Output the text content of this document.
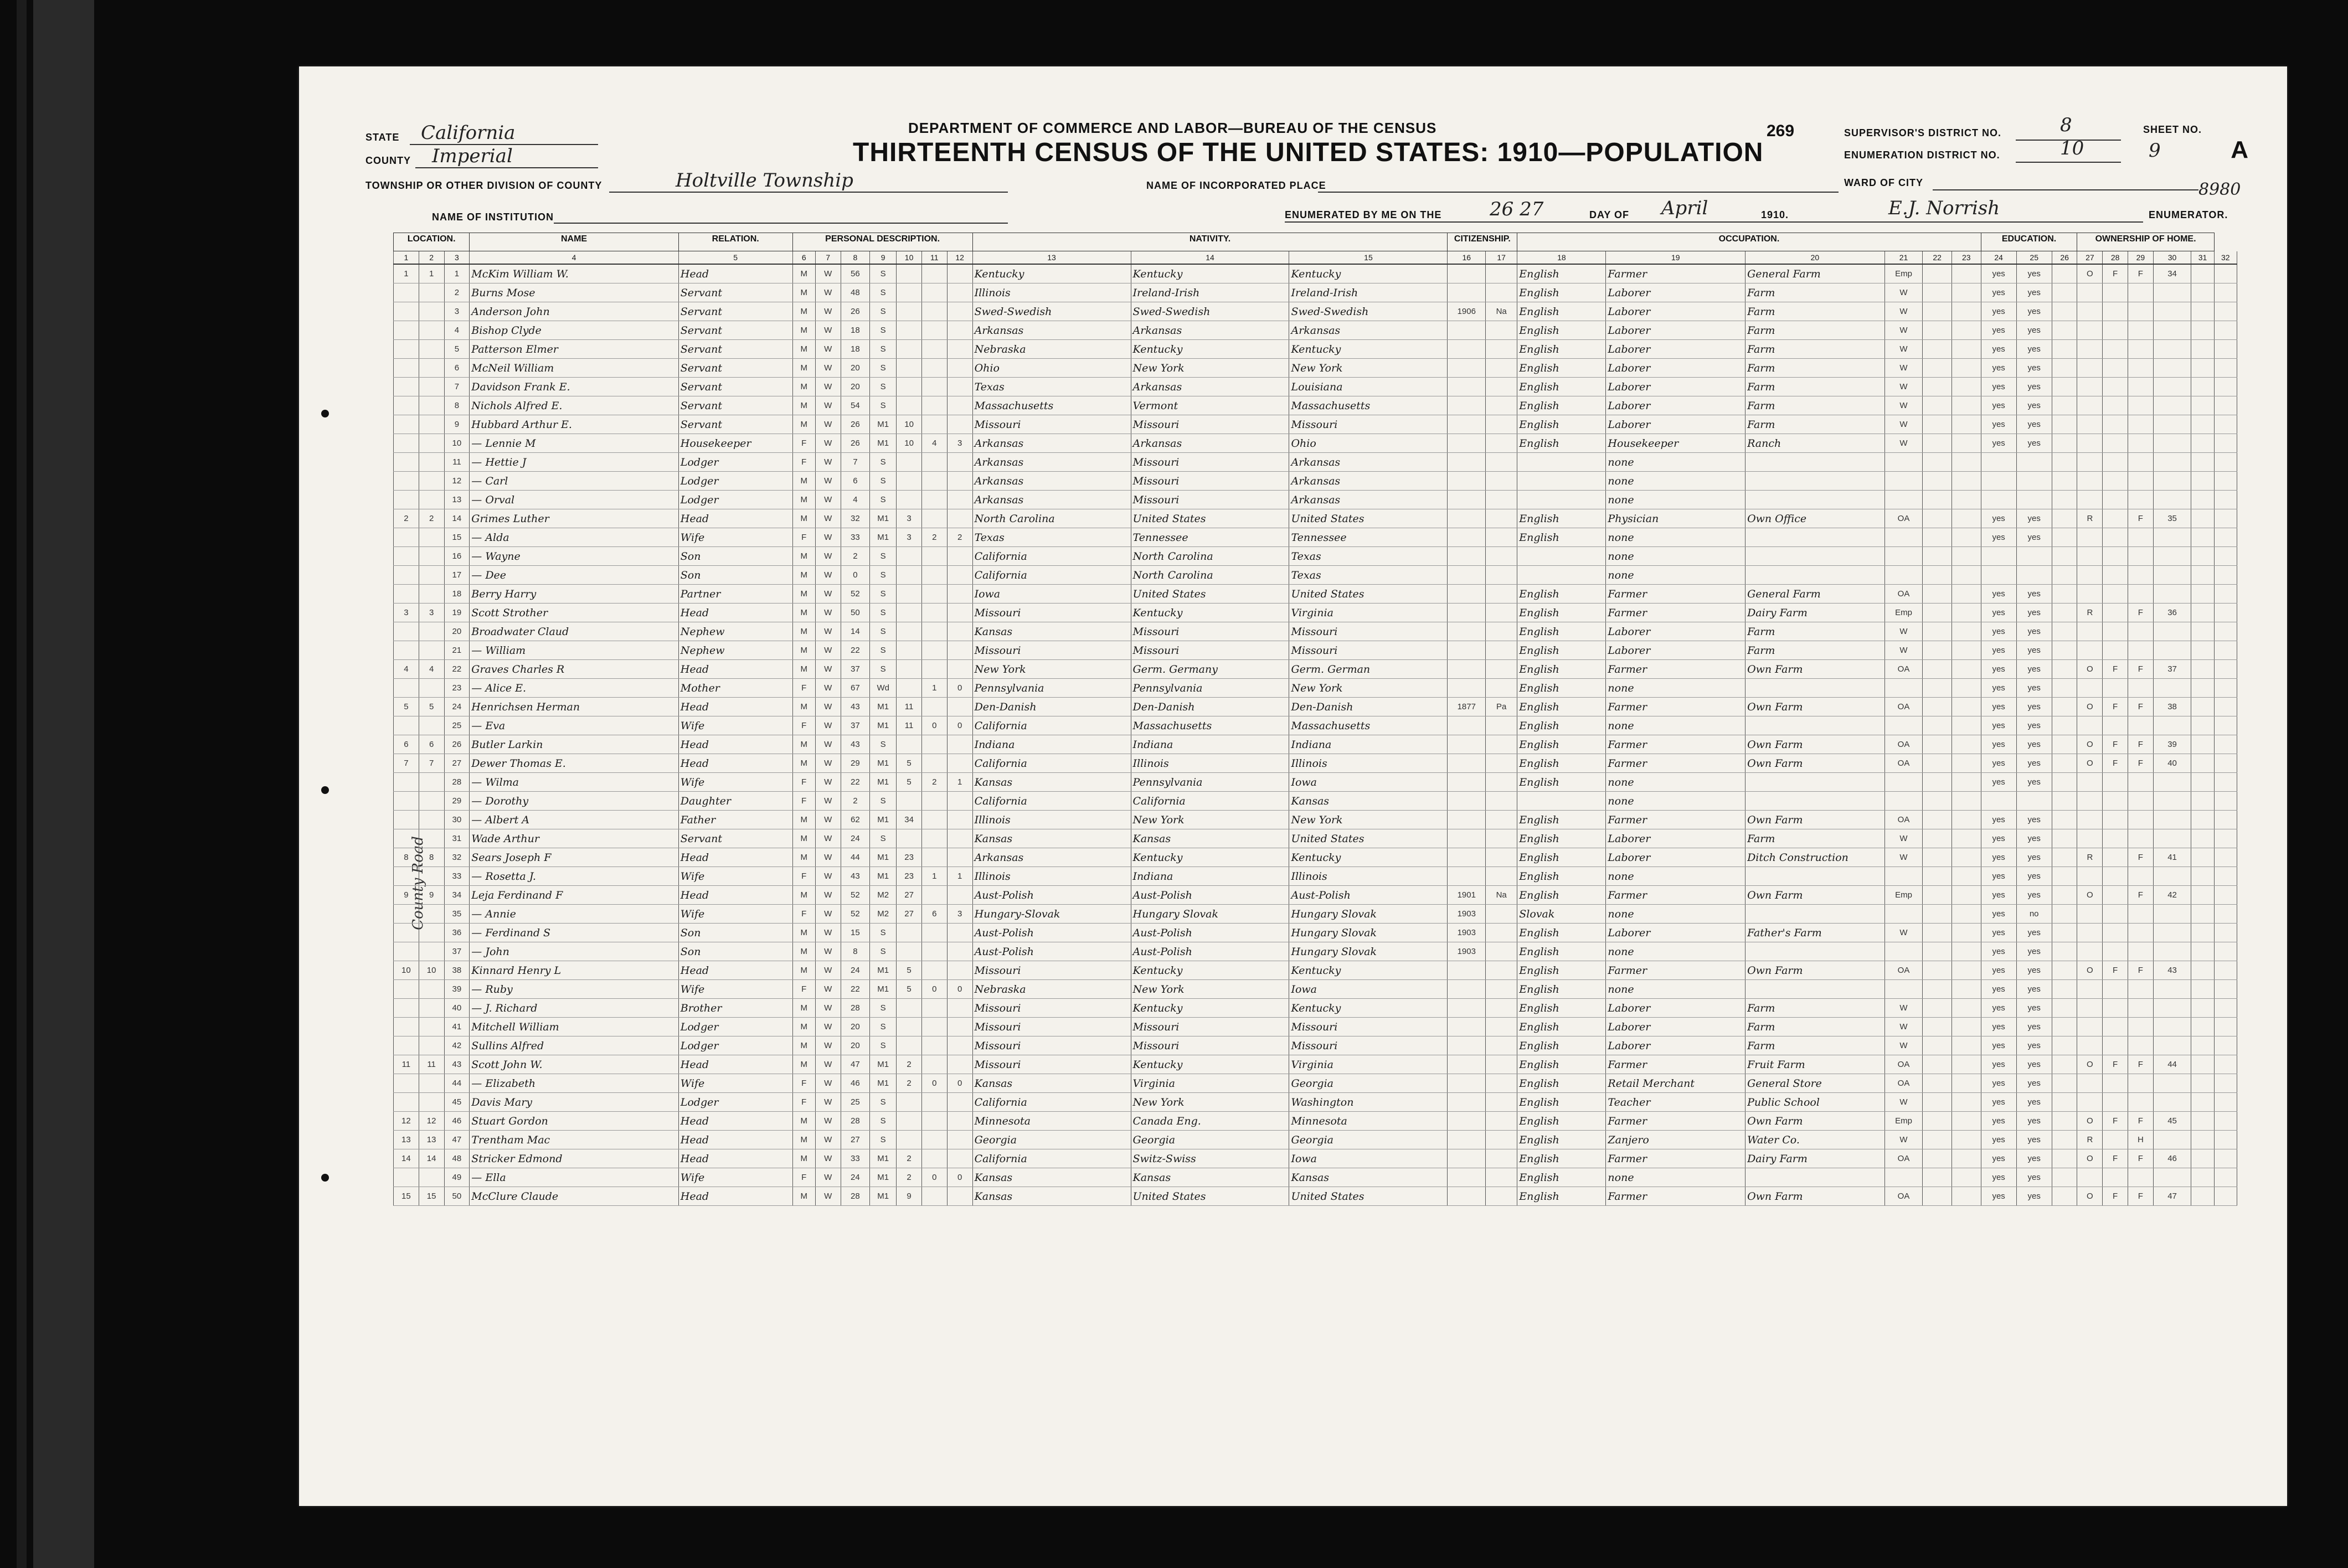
STATE California
COUNTY Imperial
TOWNSHIP OR OTHER DIVISION OF COUNTY	Holtville Township
NAME OF INSTITUTION
DEPARTMENT OF COMMERCE AND LABOR—BUREAU OF THE CENSUS
THIRTEENTH CENSUS OF THE UNITED STATES: 1910—POPULATION
NAME OF INCORPORATED PLACE
269	SUPERVISOR'S DISTRICT NO.	8
ENUMERATION DISTRICT NO.	10
SHEET NO.
9	A
WARD OF CITY
ENUMERATED BY ME ON THE	26 27	DAY OF April	1910.	E.J. Norrish	ENUMERATOR.
8980
County Road
LOCATION.			NAME	RELATION.	PERSONAL DESCRIPTION.							NATIVITY.			CITIZENSHIP.		OCCUPATION.						EDUCATION.			OWNERSHIP OF HOME.					
1	2	3	4	5	6	7	8	9	10	11	12	13	14	15	16	17	18	19	20	21	22	23	24	25	26	27	28	29	30	31	32
1	1	1	McKim William W.	Head	M	W	56	S				Kentucky	Kentucky	Kentucky			English	Farmer	General Farm	Emp			yes	yes		O	F	F	34		
		2	Burns Mose	Servant	M	W	48	S				Illinois	Ireland-Irish	Ireland-Irish			English	Laborer	Farm	W			yes	yes							
		3	Anderson John	Servant	M	W	26	S				Swed-Swedish	Swed-Swedish	Swed-Swedish	1906	Na	English	Laborer	Farm	W			yes	yes							
		4	Bishop Clyde	Servant	M	W	18	S				Arkansas	Arkansas	Arkansas			English	Laborer	Farm	W			yes	yes							
		5	Patterson Elmer	Servant	M	W	18	S				Nebraska	Kentucky	Kentucky			English	Laborer	Farm	W			yes	yes							
		6	McNeil William	Servant	M	W	20	S				Ohio	New York	New York			English	Laborer	Farm	W			yes	yes							
		7	Davidson Frank E.	Servant	M	W	20	S				Texas	Arkansas	Louisiana			English	Laborer	Farm	W			yes	yes							
		8	Nichols Alfred E.	Servant	M	W	54	S				Massachusetts	Vermont	Massachusetts			English	Laborer	Farm	W			yes	yes							
		9	Hubbard Arthur E.	Servant	M	W	26	M1	10			Missouri	Missouri	Missouri			English	Laborer	Farm	W			yes	yes							
		10	— Lennie M	Housekeeper	F	W	26	M1	10	4	3	Arkansas	Arkansas	Ohio			English	Housekeeper	Ranch	W			yes	yes							
		11	— Hettie J	Lodger	F	W	7	S				Arkansas	Missouri	Arkansas				none													
		12	— Carl	Lodger	M	W	6	S				Arkansas	Missouri	Arkansas				none													
		13	— Orval	Lodger	M	W	4	S				Arkansas	Missouri	Arkansas				none													
2	2	14	Grimes Luther	Head	M	W	32	M1	3			North Carolina	United States	United States			English	Physician	Own Office	OA			yes	yes		R		F	35		
		15	— Alda	Wife	F	W	33	M1	3	2	2	Texas	Tennessee	Tennessee			English	none					yes	yes							
		16	— Wayne	Son	M	W	2	S				California	North Carolina	Texas				none													
		17	— Dee	Son	M	W	0	S				California	North Carolina	Texas				none													
		18	Berry Harry	Partner	M	W	52	S				Iowa	United States	United States			English	Farmer	General Farm	OA			yes	yes							
3	3	19	Scott Strother	Head	M	W	50	S				Missouri	Kentucky	Virginia			English	Farmer	Dairy Farm	Emp			yes	yes		R		F	36		
		20	Broadwater Claud	Nephew	M	W	14	S				Kansas	Missouri	Missouri			English	Laborer	Farm	W			yes	yes							
		21	— William	Nephew	M	W	22	S				Missouri	Missouri	Missouri			English	Laborer	Farm	W			yes	yes							
4	4	22	Graves Charles R	Head	M	W	37	S				New York	Germ. Germany	Germ. German			English	Farmer	Own Farm	OA			yes	yes		O	F	F	37		
		23	— Alice E.	Mother	F	W	67	Wd		1	0	Pennsylvania	Pennsylvania	New York			English	none					yes	yes							
5	5	24	Henrichsen Herman	Head	M	W	43	M1	11			Den-Danish	Den-Danish	Den-Danish	1877	Pa	English	Farmer	Own Farm	OA			yes	yes		O	F	F	38		
		25	— Eva	Wife	F	W	37	M1	11	0	0	California	Massachusetts	Massachusetts			English	none					yes	yes							
6	6	26	Butler Larkin	Head	M	W	43	S				Indiana	Indiana	Indiana			English	Farmer	Own Farm	OA			yes	yes		O	F	F	39		
7	7	27	Dewer Thomas E.	Head	M	W	29	M1	5			California	Illinois	Illinois			English	Farmer	Own Farm	OA			yes	yes		O	F	F	40		
		28	— Wilma	Wife	F	W	22	M1	5	2	1	Kansas	Pennsylvania	Iowa			English	none					yes	yes							
		29	— Dorothy	Daughter	F	W	2	S				California	California	Kansas				none													
		30	— Albert A	Father	M	W	62	M1	34			Illinois	New York	New York			English	Farmer	Own Farm	OA			yes	yes							
		31	Wade Arthur	Servant	M	W	24	S				Kansas	Kansas	United States			English	Laborer	Farm	W			yes	yes							
8	8	32	Sears Joseph F	Head	M	W	44	M1	23			Arkansas	Kentucky	Kentucky			English	Laborer	Ditch Construction	W			yes	yes		R		F	41		
		33	— Rosetta J.	Wife	F	W	43	M1	23	1	1	Illinois	Indiana	Illinois			English	none					yes	yes							
9	9	34	Leja Ferdinand F	Head	M	W	52	M2	27			Aust-Polish	Aust-Polish	Aust-Polish	1901	Na	English	Farmer	Own Farm	Emp			yes	yes		O		F	42		
		35	— Annie	Wife	F	W	52	M2	27	6	3	Hungary-Slovak	Hungary Slovak	Hungary Slovak	1903		Slovak	none					yes	no							
		36	— Ferdinand S	Son	M	W	15	S				Aust-Polish	Aust-Polish	Hungary Slovak	1903		English	Laborer	Father's Farm	W			yes	yes							
		37	— John	Son	M	W	8	S				Aust-Polish	Aust-Polish	Hungary Slovak	1903		English	none					yes	yes							
10	10	38	Kinnard Henry L	Head	M	W	24	M1	5			Missouri	Kentucky	Kentucky			English	Farmer	Own Farm	OA			yes	yes		O	F	F	43		
		39	— Ruby	Wife	F	W	22	M1	5	0	0	Nebraska	New York	Iowa			English	none					yes	yes							
		40	— J. Richard	Brother	M	W	28	S				Missouri	Kentucky	Kentucky			English	Laborer	Farm	W			yes	yes							
		41	Mitchell William	Lodger	M	W	20	S				Missouri	Missouri	Missouri			English	Laborer	Farm	W			yes	yes							
		42	Sullins Alfred	Lodger	M	W	20	S				Missouri	Missouri	Missouri			English	Laborer	Farm	W			yes	yes							
11	11	43	Scott John W.	Head	M	W	47	M1	2			Missouri	Kentucky	Virginia			English	Farmer	Fruit Farm	OA			yes	yes		O	F	F	44		
		44	— Elizabeth	Wife	F	W	46	M1	2	0	0	Kansas	Virginia	Georgia			English	Retail Merchant	General Store	OA			yes	yes							
		45	Davis Mary	Lodger	F	W	25	S				California	New York	Washington			English	Teacher	Public School	W			yes	yes							
12	12	46	Stuart Gordon	Head	M	W	28	S				Minnesota	Canada Eng.	Minnesota			English	Farmer	Own Farm	Emp			yes	yes		O	F	F	45		
13	13	47	Trentham Mac	Head	M	W	27	S				Georgia	Georgia	Georgia			English	Zanjero	Water Co.	W			yes	yes		R		H			
14	14	48	Stricker Edmond	Head	M	W	33	M1	2			California	Switz-Swiss	Iowa			English	Farmer	Dairy Farm	OA			yes	yes		O	F	F	46		
		49	— Ella	Wife	F	W	24	M1	2	0	0	Kansas	Kansas	Kansas			English	none					yes	yes							
15	15	50	McClure Claude	Head	M	W	28	M1	9			Kansas	United States	United States			English	Farmer	Own Farm	OA			yes	yes		O	F	F	47		
